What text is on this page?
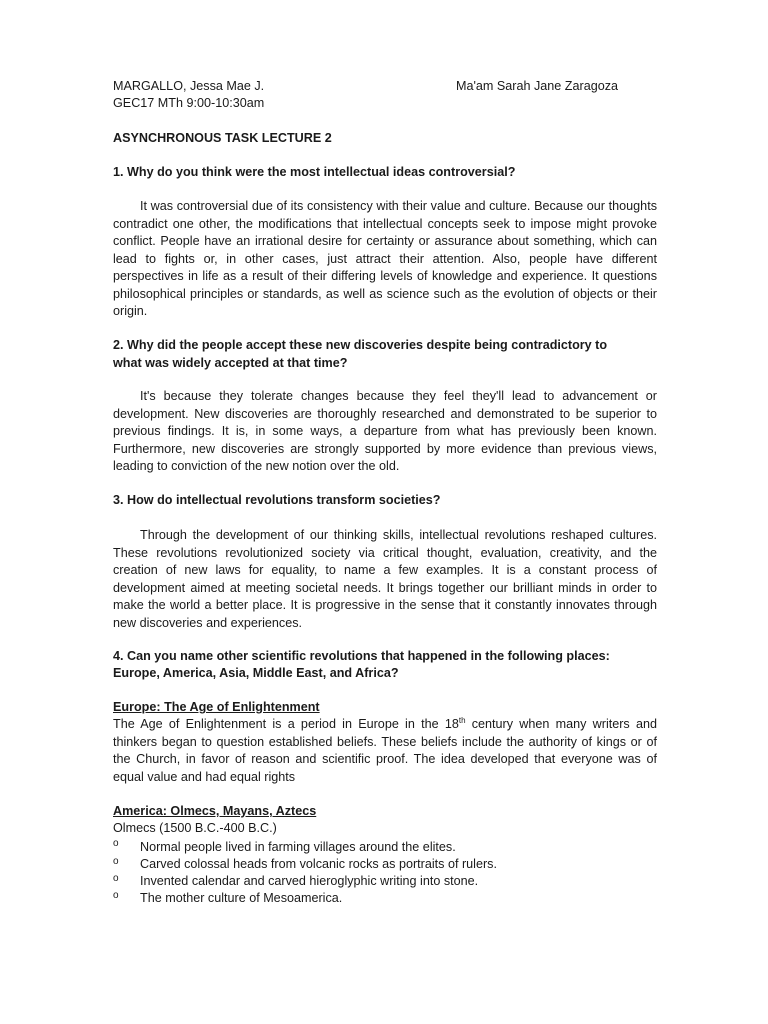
MARGALLO, Jessa Mae J.	Ma'am Sarah Jane Zaragoza
GEC17 MTh 9:00-10:30am
ASYNCHRONOUS TASK LECTURE 2
1. Why do you think were the most intellectual ideas controversial?
It was controversial due of its consistency with their value and culture. Because our thoughts contradict one other, the modifications that intellectual concepts seek to impose might provoke conflict. People have an irrational desire for certainty or assurance about something, which can lead to fights or, in other cases, just attract their attention. Also, people have different perspectives in life as a result of their differing levels of knowledge and experience. It questions philosophical principles or standards, as well as science such as the evolution of objects or their origin.
2. Why did the people accept these new discoveries despite being contradictory to
what was widely accepted at that time?
It's because they tolerate changes because they feel they'll lead to advancement or development. New discoveries are thoroughly researched and demonstrated to be superior to previous findings. It is, in some ways, a departure from what has previously been known. Furthermore, new discoveries are strongly supported by more evidence than previous views, leading to conviction of the new notion over the old.
3. How do intellectual revolutions transform societies?
Through the development of our thinking skills, intellectual revolutions reshaped cultures. These revolutions revolutionized society via critical thought, evaluation, creativity, and the creation of new laws for equality, to name a few examples. It is a constant process of development aimed at meeting societal needs. It brings together our brilliant minds in order to make the world a better place. It is progressive in the sense that it constantly innovates through new discoveries and experiences.
4. Can you name other scientific revolutions that happened in the following places:
Europe, America, Asia, Middle East, and Africa?
Europe: The Age of Enlightenment
The Age of Enlightenment is a period in Europe in the 18th century when many writers and thinkers began to question established beliefs. These beliefs include the authority of kings or of the Church, in favor of reason and scientific proof. The idea developed that everyone was of equal value and had equal rights
America: Olmecs, Mayans, Aztecs
Olmecs (1500 B.C.-400 B.C.)
o Normal people lived in farming villages around the elites.
o Carved colossal heads from volcanic rocks as portraits of rulers.
o Invented calendar and carved hieroglyphic writing into stone.
o The mother culture of Mesoamerica.
